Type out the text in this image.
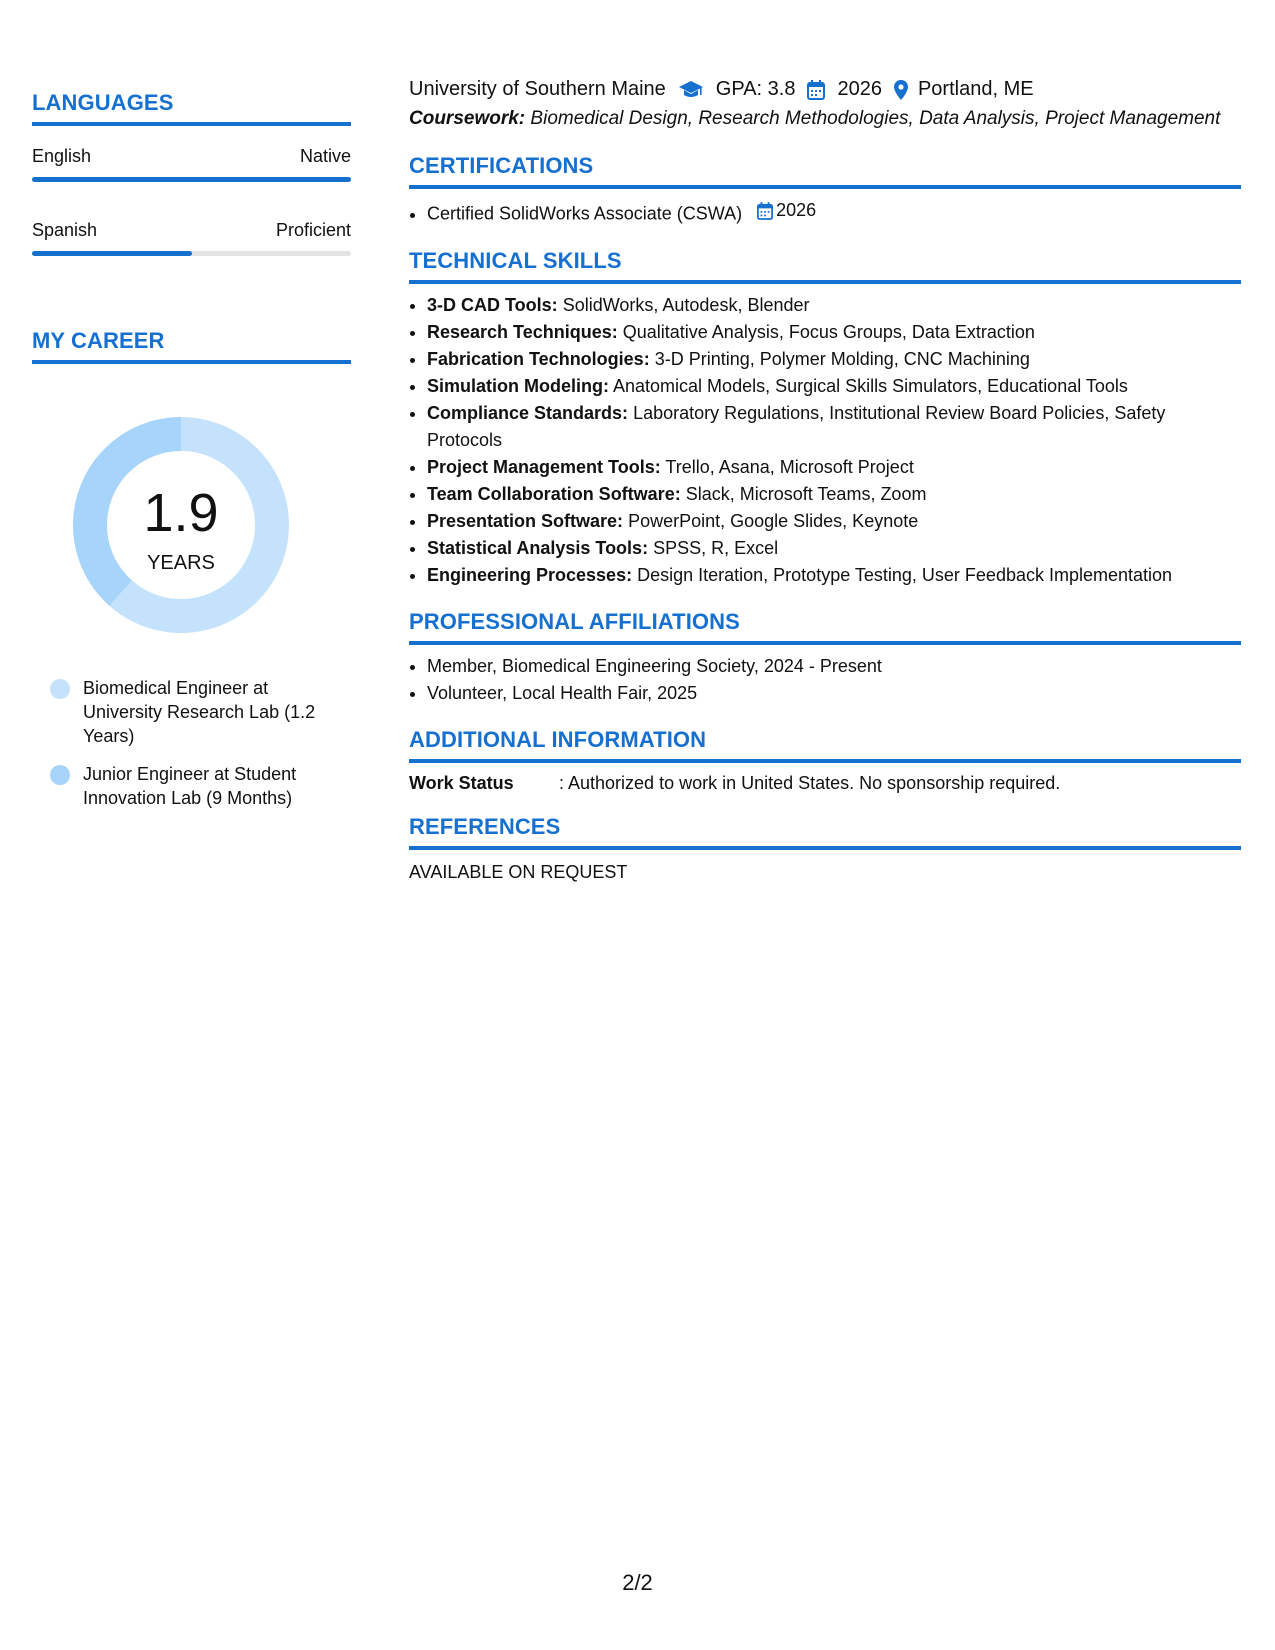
LANGUAGES
English	Native
Spanish	Proficient
MY CAREER
1.9
YEARS
Biomedical Engineer at University Research Lab (1.2 Years)
Junior Engineer at Student Innovation Lab (9 Months)
University of Southern Maine	GPA: 3.8 2026 Portland, ME
Coursework: Biomedical Design, Research Methodologies, Data Analysis, Project Management
CERTIFICATIONS
• Certified SolidWorks Associate (CSWA) 2026
TECHNICAL SKILLS
• 3-D CAD Tools: SolidWorks, Autodesk, Blender
• Research Techniques: Qualitative Analysis, Focus Groups, Data Extraction
• Fabrication Technologies: 3-D Printing, Polymer Molding, CNC Machining
• Simulation Modeling: Anatomical Models, Surgical Skills Simulators, Educational Tools
• Compliance Standards: Laboratory Regulations, Institutional Review Board Policies, Safety Protocols
• Project Management Tools: Trello, Asana, Microsoft Project
• Team Collaboration Software: Slack, Microsoft Teams, Zoom
• Presentation Software: PowerPoint, Google Slides, Keynote
• Statistical Analysis Tools: SPSS, R, Excel
• Engineering Processes: Design Iteration, Prototype Testing, User Feedback Implementation
PROFESSIONAL AFFILIATIONS
• Member, Biomedical Engineering Society, 2024 - Present
• Volunteer, Local Health Fair, 2025
ADDITIONAL INFORMATION
Work Status	: Authorized to work in United States. No sponsorship required.
REFERENCES
AVAILABLE ON REQUEST
2/2
